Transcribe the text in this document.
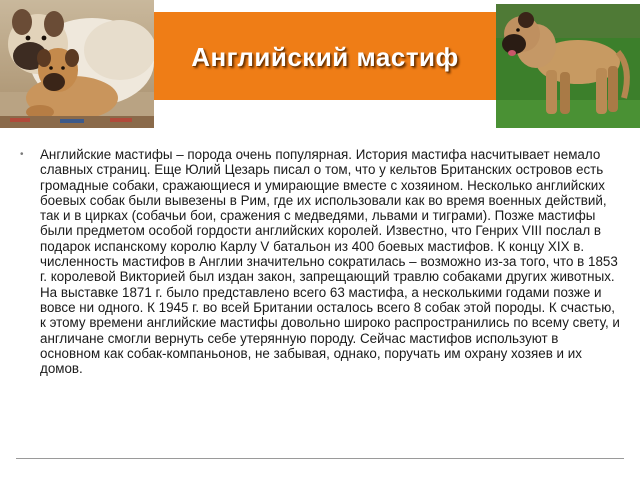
Английский мастиф
• Английские мастифы – порода очень популярная. История мастифа насчитывает немало славных страниц. Еще Юлий Цезарь писал о том, что у кельтов Британских островов есть громадные собаки, сражающиеся и умирающие вместе с хозяином. Несколько английских боевых собак были вывезены в Рим, где их использовали как во время военных действий, так и в цирках (собачьи бои, сражения с медведями, львами и тиграми). Позже мастифы были предметом особой гордости английских королей. Известно, что Генрих VIII послал в подарок испанскому королю Карлу V батальон из 400 боевых мастифов. К концу XIX в. численность мастифов в Англии значительно сократилась – возможно из-за того, что в 1853 г. королевой Викторией был издан закон, запрещающий травлю собаками других животных. На выставке 1871 г. было представлено всего 63 мастифа, а несколькими годами позже и вовсе ни одного. К 1945 г. во всей Британии осталось всего 8 собак этой породы. К счастью, к этому времени английские мастифы довольно широко распространились по всему свету, и англичане смогли вернуть себе утерянную породу. Сейчас мастифов используют в основном как собак-компаньонов, не забывая, однако, поручать им охрану хозяев и их домов.
